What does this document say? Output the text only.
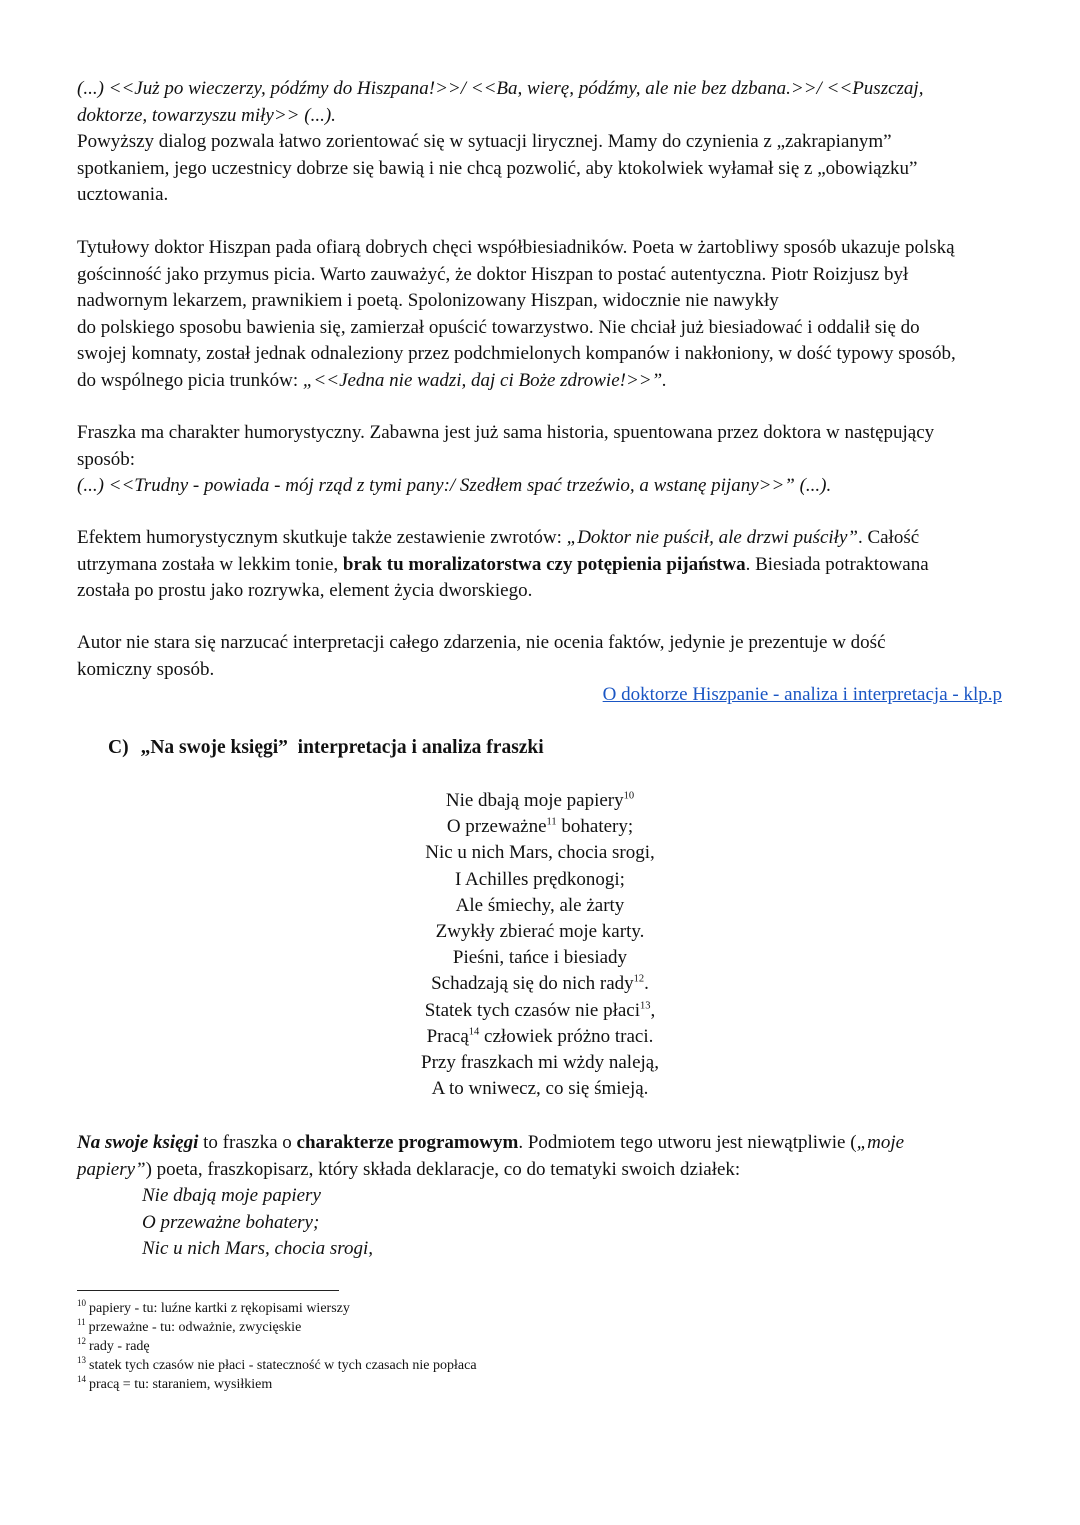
(...) <<Już po wieczerzy, pódźmy do Hiszpana!>>/ <<Ba, wierę, pódźmy, ale nie bez dzbana.>>/ <<Puszczaj,

doktorze, towarzyszu miły>> (...).

Powyższy dialog pozwala łatwo zorientować się w sytuacji lirycznej. Mamy do czynienia z „zakrapianym” spotkaniem, jego uczestnicy dobrze się bawią i nie chcą pozwolić, aby ktokolwiek wyłamał się z „obowiązku” ucztowania.

Tytułowy doktor Hiszpan pada ofiarą dobrych chęci współbiesiadników. Poeta w żartobliwy sposób ukazuje polską

gościnność jako przymus picia. Warto zauważyć, że doktor Hiszpan to postać autentyczna. Piotr Roizjusz był

nadwornym lekarzem, prawnikiem i poetą. Spolonizowany Hiszpan, widocznie nie nawykły

do polskiego sposobu bawienia się, zamierzał opuścić towarzystwo. Nie chciał już biesiadować i oddalił się do

swojej komnaty, został jednak odnaleziony przez podchmielonych kompanów i nakłoniony, w dość typowy sposób,

do wspólnego picia trunków: „<<Jedna nie wadzi, daj ci Boże zdrowie!>>”.

Fraszka ma charakter humorystyczny. Zabawna jest już sama historia, spuentowana przez doktora w następujący

sposób:

(...) <<Trudny - powiada - mój rząd z tymi pany:/ Szedłem spać trzeźwio, a wstanę pijany>>” (...).

Efektem humorystycznym skutkuje także zestawienie zwrotów: „Doktor nie puścił, ale drzwi puściły”. Całość

utrzymana została w lekkim tonie, brak tu moralizatorstwa czy potępienia pijaństwa. Biesiada potraktowana

została po prostu jako rozrywka, element życia dworskiego.

Autor nie stara się narzucać interpretacji całego zdarzenia, nie ocenia faktów, jedynie je prezentuje w dość

komiczny sposób.

O doktorze Hiszpanie - analiza i interpretacja - klp.p
C) „Na swoje księgi”  interpretacja i analiza fraszki
Nie dbają moje papiery$^{10}$
O przeważne$^{11}$ bohatery;
Nic u nich Mars, chocia srogi,
I Achilles prędkonogi;
Ale śmiechy, ale żarty
Zwykły zbierać moje karty.
Pieśni, tańce i biesiady
Schadzają się do nich rady$^{12}$.
Statek tych czasów nie płaci$^{13}$,
Pracą$^{14}$ człowiek próżno traci.
Przy fraszkach mi wżdy naleją,
A to wniwecz, co się śmieją.

Na swoje księgi to fraszka o charakterze programowym. Podmiotem tego utworu jest niewątpliwie („moje

papiery”) poeta, fraszkopisarz, który składa deklaracje, co do tematyki swoich działek:

Nie dbają moje papiery
O przeważne bohatery;
Nic u nich Mars, chocia srogi,
$^{10}$ papiery - tu: luźne kartki z rękopisami wierszy
$^{11}$ przeważne - tu: odważnie, zwycięskie
$^{12}$ rady - radę
$^{13}$ statek tych czasów nie płaci - stateczność w tych czasach nie popłaca
$^{14}$ pracą = tu: staraniem, wysiłkiem
